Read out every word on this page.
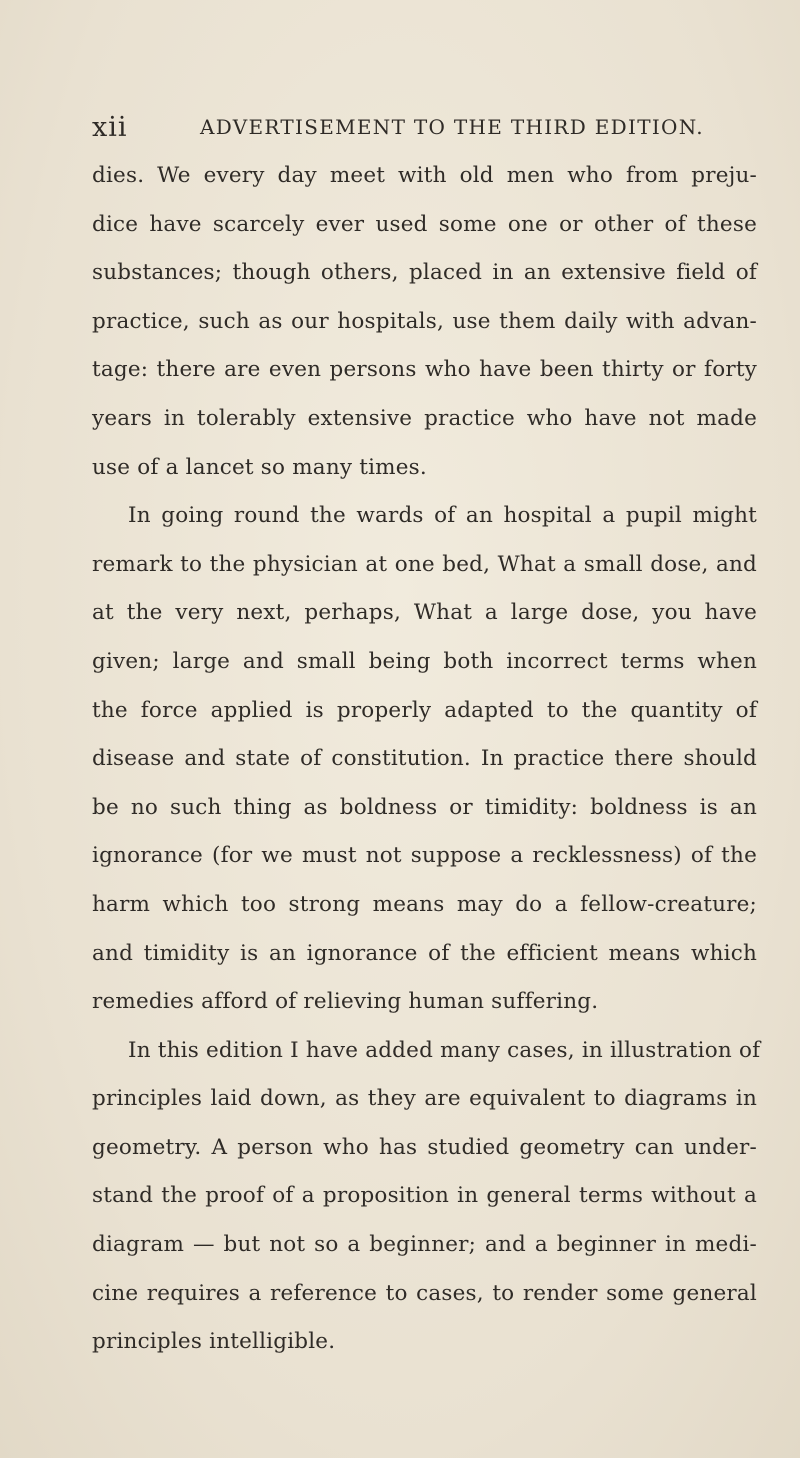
xii	ADVERTISEMENT TO THE THIRD EDITION.
dies. We every day meet with old men who from preju-
dice have scarcely ever used some one or other of these
substances; though others, placed in an extensive field of
practice, such as our hospitals, use them daily with advan-
tage: there are even persons who have been thirty or forty
years in tolerably extensive practice who have not made
use of a lancet so many times.
In going round the wards of an hospital a pupil might
remark to the physician at one bed, What a small dose, and
at the very next, perhaps, What a large dose, you have
given; large and small being both incorrect terms when
the force applied is properly adapted to the quantity of
disease and state of constitution. In practice there should
be no such thing as boldness or timidity: boldness is an
ignorance (for we must not suppose a recklessness) of the
harm which too strong means may do a fellow-creature;
and timidity is an ignorance of the efficient means which
remedies afford of relieving human suffering.
In this edition I have added many cases, in illustration of
principles laid down, as they are equivalent to diagrams in
geometry. A person who has studied geometry can under-
stand the proof of a proposition in general terms without a
diagram — but not so a beginner; and a beginner in medi-
cine requires a reference to cases, to render some general
principles intelligible.
